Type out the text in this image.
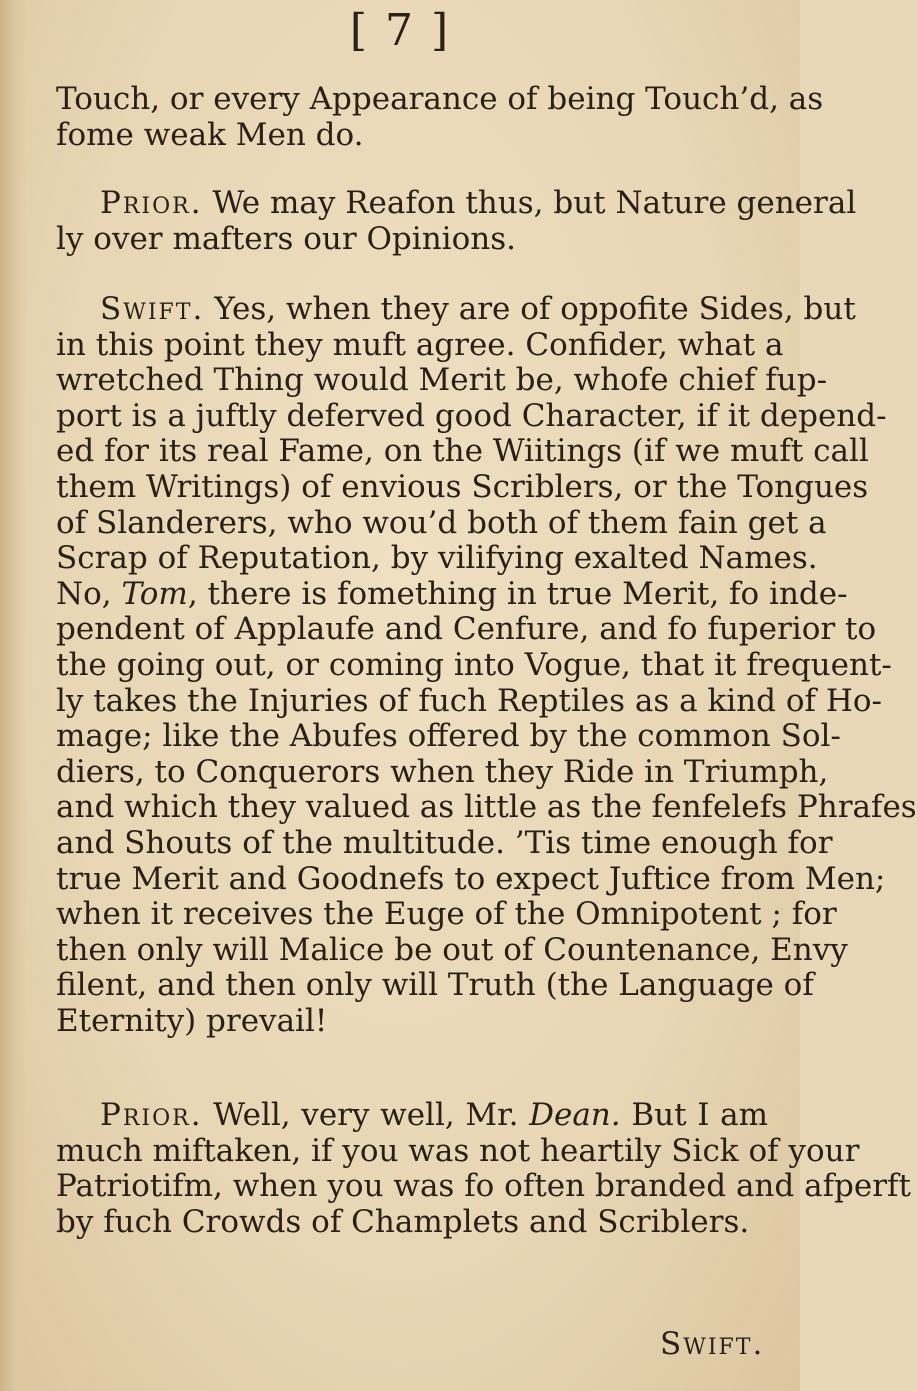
[ 7 ]
Touch, or every Appearance of being Touch’d, as
fome weak Men do.
Prior. We may Reafon thus, but Nature general
ly over mafters our Opinions.
Swift. Yes, when they are of oppofite Sides, but
in this point they muft agree. Confider, what a
wretched Thing would Merit be, whofe chief fup-
port is a juftly deferved good Character, if it depend-
ed for its real Fame, on the Wiitings (if we muft call
them Writings) of envious Scriblers, or the Tongues
of Slanderers, who wou’d both of them fain get a
Scrap of Reputation, by vilifying exalted Names.
No, Tom, there is fomething in true Merit, fo inde-
pendent of Applaufe and Cenfure, and fo fuperior to
the going out, or coming into Vogue, that it frequent-
ly takes the Injuries of fuch Reptiles as a kind of Ho-
mage; like the Abufes offered by the common Sol-
diers, to Conquerors when they Ride in Triumph,
and which they valued as little as the fenfelefs Phrafes
and Shouts of the multitude. ’Tis time enough for
true Merit and Goodnefs to expect Juftice from Men;
when it receives the Euge of the Omnipotent ; for
then only will Malice be out of Countenance, Envy
filent, and then only will Truth (the Language of
Eternity) prevail!
Prior. Well, very well, Mr. Dean. But I am
much miftaken, if you was not heartily Sick of your
Patriotifm, when you was fo often branded and afperft
by fuch Crowds of Champlets and Scriblers.
Swift.
